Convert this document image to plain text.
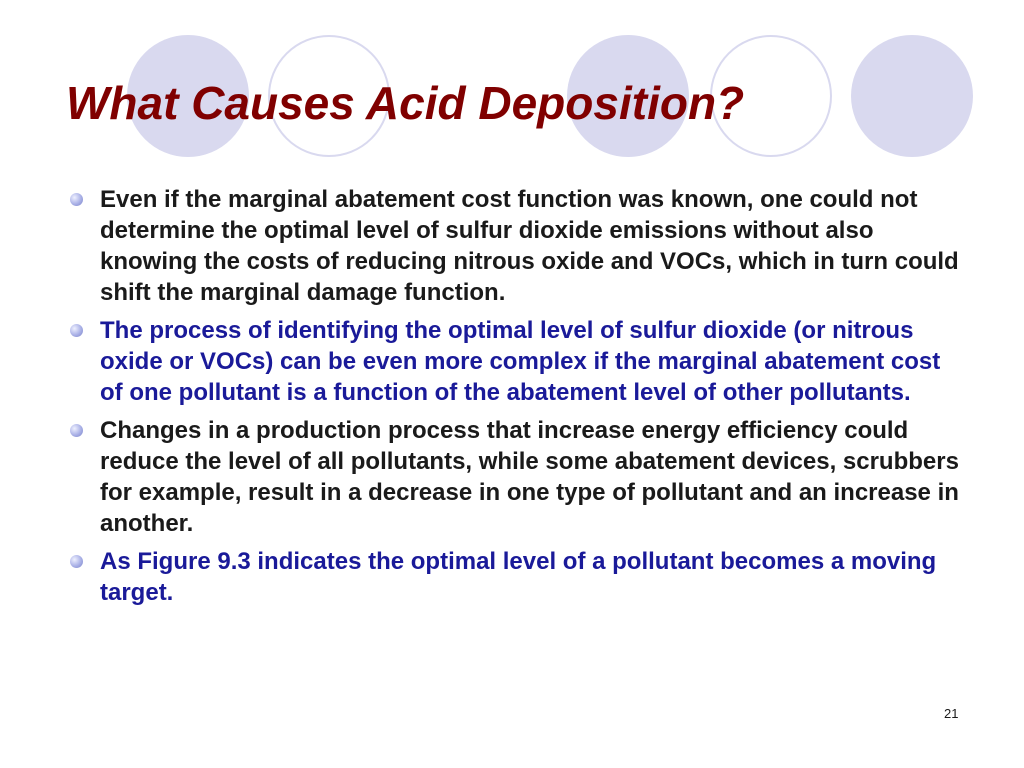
What Causes Acid Deposition?
Even if the marginal abatement cost function was known, one could not determine the optimal level of sulfur dioxide emissions without also knowing the costs of reducing nitrous oxide and VOCs, which in turn could shift the marginal damage function.
The process of identifying the optimal level of sulfur dioxide (or nitrous oxide or VOCs) can be even more complex if the marginal abatement cost of one pollutant is a function of the abatement level of other pollutants.
Changes in a production process that increase energy efficiency could reduce the level of all pollutants, while some abatement devices, scrubbers for example, result in a decrease in one type of pollutant and an increase in another.
As Figure 9.3 indicates the optimal level of a pollutant becomes a moving target.
21
